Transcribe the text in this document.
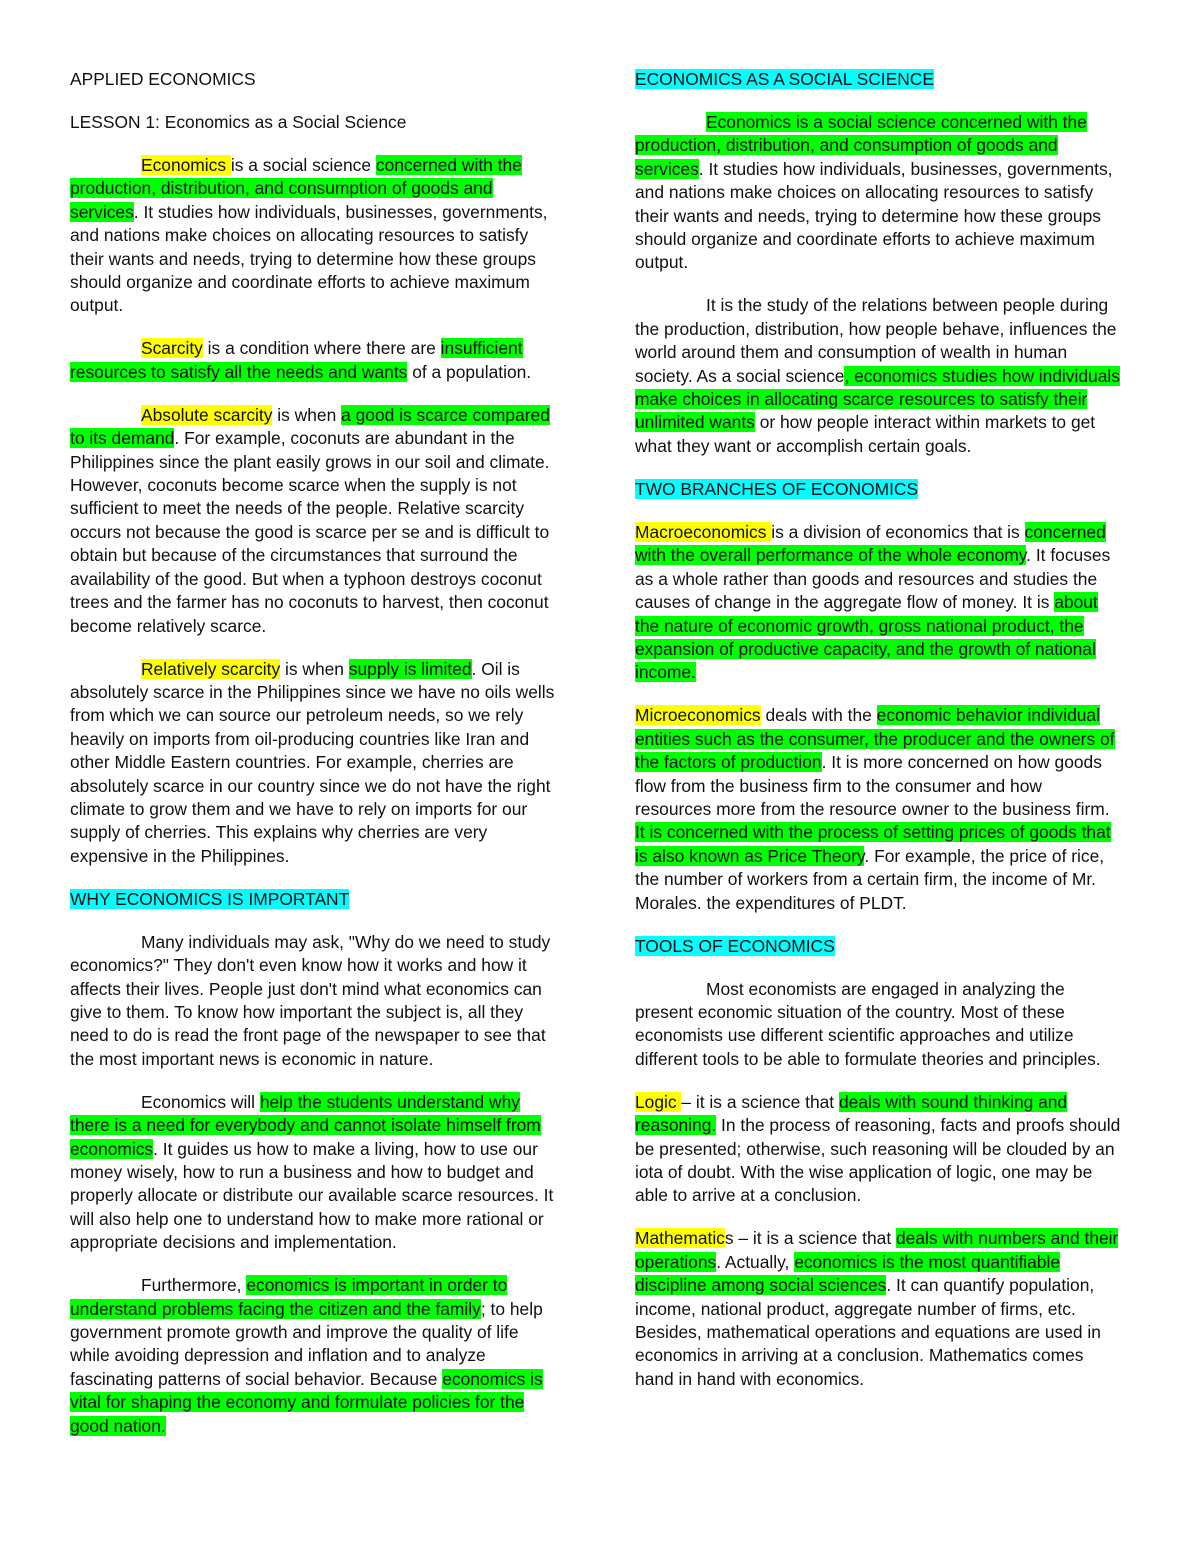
APPLIED ECONOMICS
LESSON 1: Economics as a Social Science
Economics is a social science concerned with the
production, distribution, and consumption of goods and
services. It studies how individuals, businesses, governments,
and nations make choices on allocating resources to satisfy
their wants and needs, trying to determine how these groups
should organize and coordinate efforts to achieve maximum
output.
Scarcity is a condition where there are insufficient
resources to satisfy all the needs and wants of a population.
Absolute scarcity is when a good is scarce compared
to its demand. For example, coconuts are abundant in the
Philippines since the plant easily grows in our soil and climate.
However, coconuts become scarce when the supply is not
sufficient to meet the needs of the people. Relative scarcity
occurs not because the good is scarce per se and is difficult to
obtain but because of the circumstances that surround the
availability of the good. But when a typhoon destroys coconut
trees and the farmer has no coconuts to harvest, then coconut
become relatively scarce.
Relatively scarcity is when supply is limited. Oil is
absolutely scarce in the Philippines since we have no oils wells
from which we can source our petroleum needs, so we rely
heavily on imports from oil-producing countries like Iran and
other Middle Eastern countries. For example, cherries are
absolutely scarce in our country since we do not have the right
climate to grow them and we have to rely on imports for our
supply of cherries. This explains why cherries are very
expensive in the Philippines.
WHY ECONOMICS IS IMPORTANT
Many individuals may ask, "Why do we need to study
economics?" They don't even know how it works and how it
affects their lives. People just don't mind what economics can
give to them. To know how important the subject is, all they
need to do is read the front page of the newspaper to see that
the most important news is economic in nature.
Economics will help the students understand why
there is a need for everybody and cannot isolate himself from
economics. It guides us how to make a living, how to use our
money wisely, how to run a business and how to budget and
properly allocate or distribute our available scarce resources. It
will also help one to understand how to make more rational or
appropriate decisions and implementation.
Furthermore, economics is important in order to
understand problems facing the citizen and the family; to help
government promote growth and improve the quality of life
while avoiding depression and inflation and to analyze
fascinating patterns of social behavior. Because economics is
vital for shaping the economy and formulate policies for the
good nation.
ECONOMICS AS A SOCIAL SCIENCE
Economics is a social science concerned with the
production, distribution, and consumption of goods and
services. It studies how individuals, businesses, governments,
and nations make choices on allocating resources to satisfy
their wants and needs, trying to determine how these groups
should organize and coordinate efforts to achieve maximum
output.
It is the study of the relations between people during
the production, distribution, how people behave, influences the
world around them and consumption of wealth in human
society. As a social science, economics studies how individuals
make choices in allocating scarce resources to satisfy their
unlimited wants or how people interact within markets to get
what they want or accomplish certain goals.
TWO BRANCHES OF ECONOMICS
Macroeconomics is a division of economics that is concerned
with the overall performance of the whole economy. It focuses
as a whole rather than goods and resources and studies the
causes of change in the aggregate flow of money. It is about
the nature of economic growth, gross national product, the
expansion of productive capacity, and the growth of national
income.
Microeconomics deals with the economic behavior individual
entities such as the consumer, the producer and the owners of
the factors of production. It is more concerned on how goods
flow from the business firm to the consumer and how
resources more from the resource owner to the business firm.
It is concerned with the process of setting prices of goods that
is also known as Price Theory. For example, the price of rice,
the number of workers from a certain firm, the income of Mr.
Morales. the expenditures of PLDT.
TOOLS OF ECONOMICS
Most economists are engaged in analyzing the
present economic situation of the country. Most of these
economists use different scientific approaches and utilize
different tools to be able to formulate theories and principles.
Logic – it is a science that deals with sound thinking and
reasoning. In the process of reasoning, facts and proofs should
be presented; otherwise, such reasoning will be clouded by an
iota of doubt. With the wise application of logic, one may be
able to arrive at a conclusion.
Mathematics – it is a science that deals with numbers and their
operations. Actually, economics is the most quantifiable
discipline among social sciences. It can quantify population,
income, national product, aggregate number of firms, etc.
Besides, mathematical operations and equations are used in
economics in arriving at a conclusion. Mathematics comes
hand in hand with economics.
